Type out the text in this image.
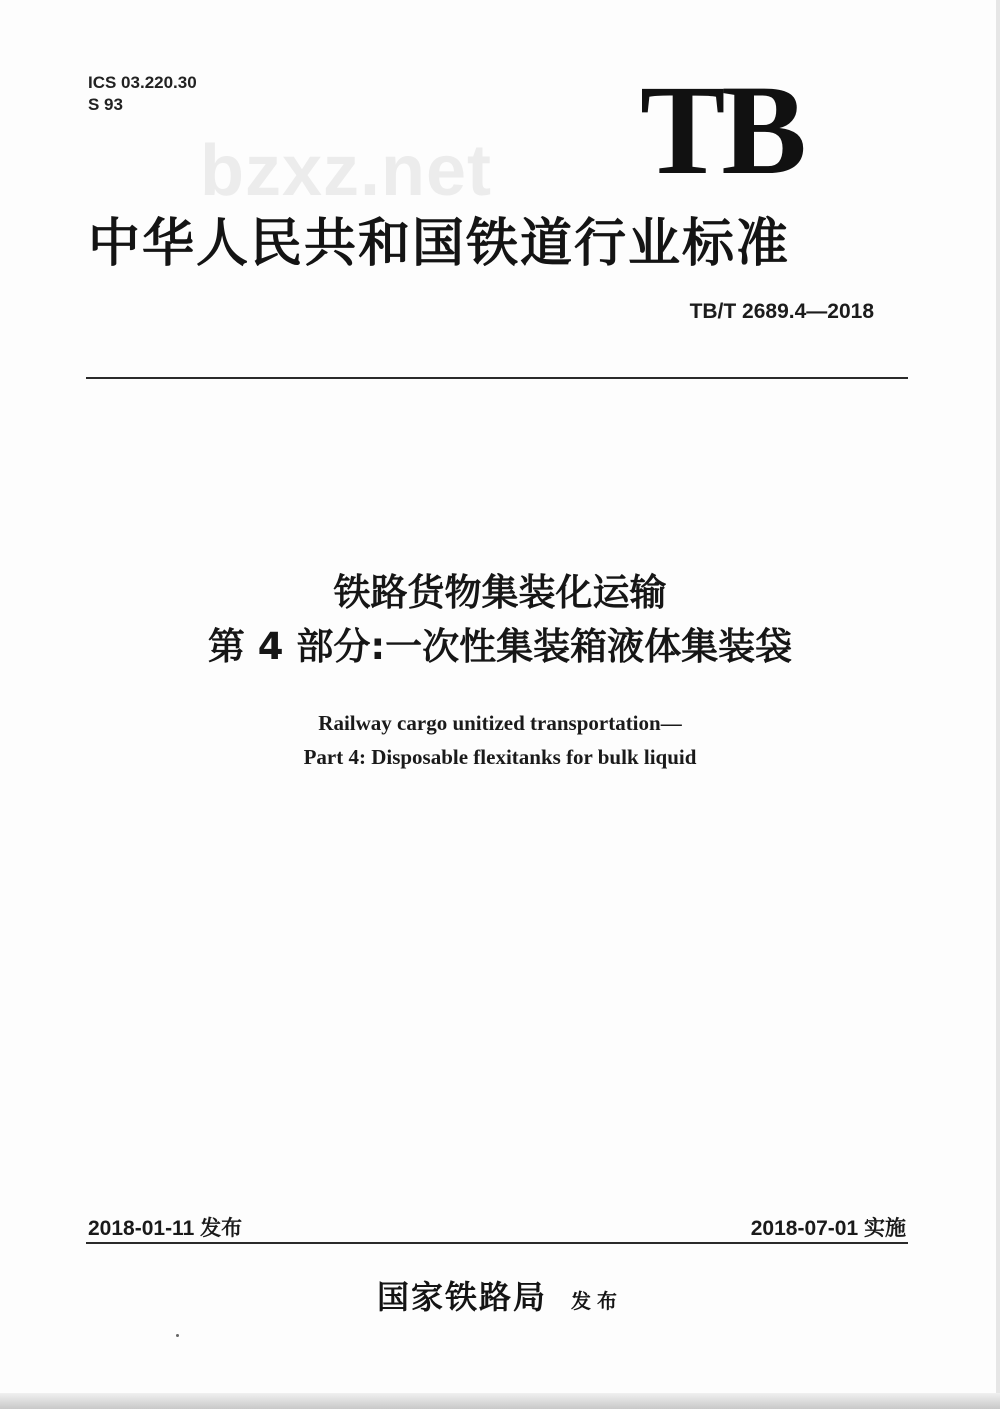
ICS 03.220.30
S 93
bzxz.net TB
中华人民共和国铁道行业标准
TB/T 2689.4—2018
铁路货物集装化运输
第 4 部分:一次性集装箱液体集装袋
Railway cargo unitized transportation—
Part 4: Disposable flexitanks for bulk liquid
2018-01-11 发布	2018-07-01 实施
国家铁路局 发布
